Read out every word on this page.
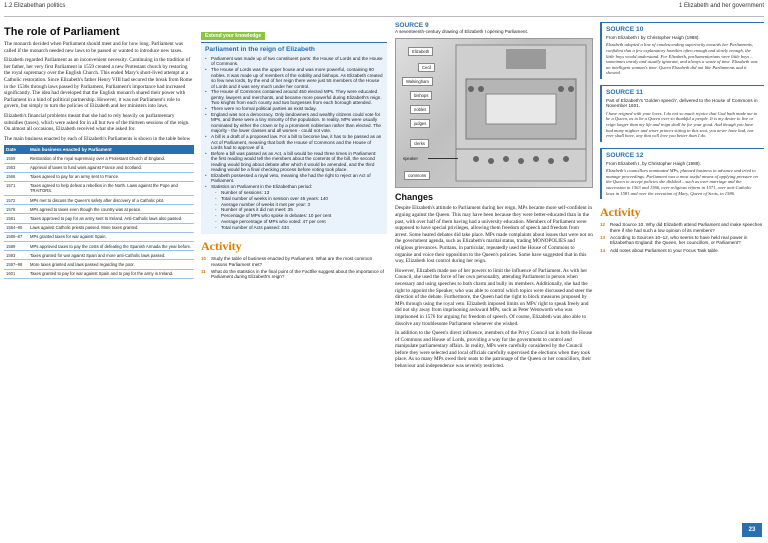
1.2 Elizabethan politics	1 Elizabeth and her government
The role of Parliament

The monarch decided when Parliament should meet and for how long. Parliament was called if the monarch needed new laws to be passed or wanted to introduce new taxes.

Elizabeth regarded Parliament as an inconvenient necessity. Continuing in the tradition of her father, her very first Parliament in 1559 created a new Protestant church by restoring the royal supremacy over the English Church. This ended Mary's short-lived attempt at a Catholic restoration. Since Elizabeth's father Henry VIII had secured the break from Rome in the 1530s through laws passed by Parliament, Parliament's importance had increased significantly. The idea had developed that the English monarch shared their power with Parliament in a kind of political partnership. However, it was not Parliament's role to govern, but simply to turn the policies of Elizabeth and her ministers into laws.

Elizabeth's financial problems meant that she had to rely heavily on parliamentary subsidies (taxes), which were asked for in all but two of the thirteen sessions of the reign. On almost all occasions, Elizabeth received what she asked for.

The main business enacted by each of Elizabeth's Parliaments is shown in the table below

Date	Main business enacted by Parliament
1559	Restoration of the royal supremacy over a Protestant Church of England.
1563	Approval of taxes to fund wars against France and Scotland.
1566	Taxes agreed to pay for an army sent to France.
1571	Taxes agreed to help defeat a rebellion in the North. Laws against the Pope and TRAITORS.
1572	MPs met to discuss the Queen's safety after discovery of a Catholic plot.
1576	MPs agreed to taxes even though the country was at peace.
1581	Taxes approved to pay for an army sent to Ireland. Anti-Catholic laws also passed.
1584–85	Laws against Catholic priests passed. More taxes granted.
1586–87	MPs granted taxes for war against Spain.
1589	MPs approved taxes to pay the costs of defeating the Spanish Armada the year before.
1593	Taxes granted for war against Spain and more anti-Catholic laws passed.
1597–98	More taxes granted and laws passed regarding the poor.
1601	Taxes granted to pay for war against Spain and to pay for the army in Ireland.
Extend your knowledge
Parliament in the reign of Elizabeth
• Parliament was made up of two constituent parts: the House of Lords and the House of Commons.
• The House of Lords was the upper house and was more powerful, containing 90 nobles. It was made up of members of the nobility and bishops. As Elizabeth created so few new lords, by the end of her reign there were just 55 members of the House of Lords and it was very much under her control.
• The House of Commons contained around 450 elected MPs. They were educated gentry, lawyers and merchants, and became more powerful during Elizabeth's reign. Two knights from each county and two burgesses from each borough attended.
• There were no formal political parties as exist today.
• England was not a democracy. Only landowners and wealthy citizens could vote for MPs, and these were a tiny minority of the population. In reality, MPs were usually nominated by either the crown or by a prominent nobleman rather than elected. The majority - the lower classes and all women - could not vote.
• A bill is a draft of a proposed law. For a bill to become law, it has to be passed as an Act of Parliament, meaning that both the House of Commons and the House of Lords had to approve of it.
• Before a bill was passed as an Act, a bill would be read three times in Parliament: the first reading would tell the members about the contents of the bill, the second reading would bring about debate after which it would be amended, and the third reading would be a final checking process before voting took place.
• Elizabeth possessed a royal veto, meaning she had the right to reject an Act of Parliament.
• Statistics on Parliament in the Elizabethan period:
- Number of sessions: 13
- Total number of weeks in session over 45 years: 140
- Average number of weeks it met per year: 3
- Number of years it did not meet: 35
- Percentage of MPs who spoke in debates: 10 per cent
- Average percentage of MPs who voted: 47 per cent
- Total number of Acts passed: 434
Activity
10	Study the table of business enacted by Parliament. What are the most common reasons Parliament met?
11	What do the statistics in the final point of the Factfile suggest about the importance of Parliament during Elizabeth's reign?
SOURCE 9
A seventeenth-century drawing of Elizabeth I opening Parliament.
Elizabeth
Cecil
Walsingham
bishops
nobles
judges
clerks
speaker
commons
Changes

Despite Elizabeth's attitude to Parliament during her reign, MPs became more self-confident in arguing against the Queen. This may have been because they were better-educated than in the past, with over half of them having had a university education. Members of Parliament were supposed to have special privileges, allowing them freedom of speech and freedom from arrest. Some heated debates did take place. MPs made complaints about issues that were not on the government agenda, such as Elizabeth's marital status, trading MONOPOLIES and religious grievances. Puritans, in particular, repeatedly used the House of Commons to organise and voice their opposition to the Queen's policies. Some have suggested that in this way, Elizabeth lost control during her reign.

However, Elizabeth made use of her powers to limit the influence of Parliament. As with her Council, she used the force of her own personality, attending Parliament in person when necessary and using speeches to both charm and bully its members. Additionally, she had the right to appoint the Speaker, who was able to control which topics were discussed and steer the direction of the debate. Furthermore, the Queen had the right to block measures proposed by MPs through using the royal veto. Elizabeth imposed limits on MPs' right to speak freely and did not shy away from imprisoning awkward MPs, such as Peter Wentworth who was imprisoned in 1576 for arguing for freedom of speech. Of course, Elizabeth was also able to dissolve any troublesome Parliament whenever she wished.

In addition to the Queen's direct influence, members of the Privy Council sat in both the House of Commons and House of Lords, providing a way for the government to control and manipulate parliamentary affairs. In reality, MPs were carefully considered by the Council before they were selected and local officials carefully supervised the elections when they took place. As so many MPs owed their seats to the patronage of the Queen or her councillors, their behaviour and independence was severely restricted.

SOURCE 10
From Elizabeth I by Christopher Haigh (1988).
Elizabeth adopted a line of condescending superiority towards her Parliaments, confident that a few explanatory homilies often enough and slowly enough, the little boys would understand. For Elizabeth, parliamentarians were little boys – sometimes unruly and usually ignorant, and always a waste of time. Elizabeth was an intelligent woman's time. Queen Elizabeth did not like Parliaments and it showed.
SOURCE 11
Part of Elizabeth's 'Golden speech', delivered to the House of Commons in November 1601.
I have reigned with your loves. I do not so much rejoice that God hath made me to be a Queen, as to be a Queen over so thankful a people. It is my desire to live or reign longer than my life and reign shall be for your good. And though you have had many mighter and wiser princes sitting in this seat, you never have had, nor ever shall have, any that will love you better than I do.
SOURCE 12
From Elizabeth I, by Christopher Haigh (1988).
Elizabeth's councillors nominated MPs, planned business in advance and tried to manage proceedings. Parliament was a most useful means of applying pressure on the Queen to accept policies she disliked – such as over marriage and the succession in 1563 and 1566, over religious reform in 1571, over anti-Catholic laws in 1581 and over the execution of Mary, Queen of Scots, in 1586.
Activity
12	Read Source 10. Why did Elizabeth attend Parliament and make speeches there if she had such a low opinion of its members?
13	According to Sources 10–12, who seems to have held real power in Elizabethan England: the Queen, her councillors, or Parliament?
14	Add notes about Parliament to your Focus Task table.
23
